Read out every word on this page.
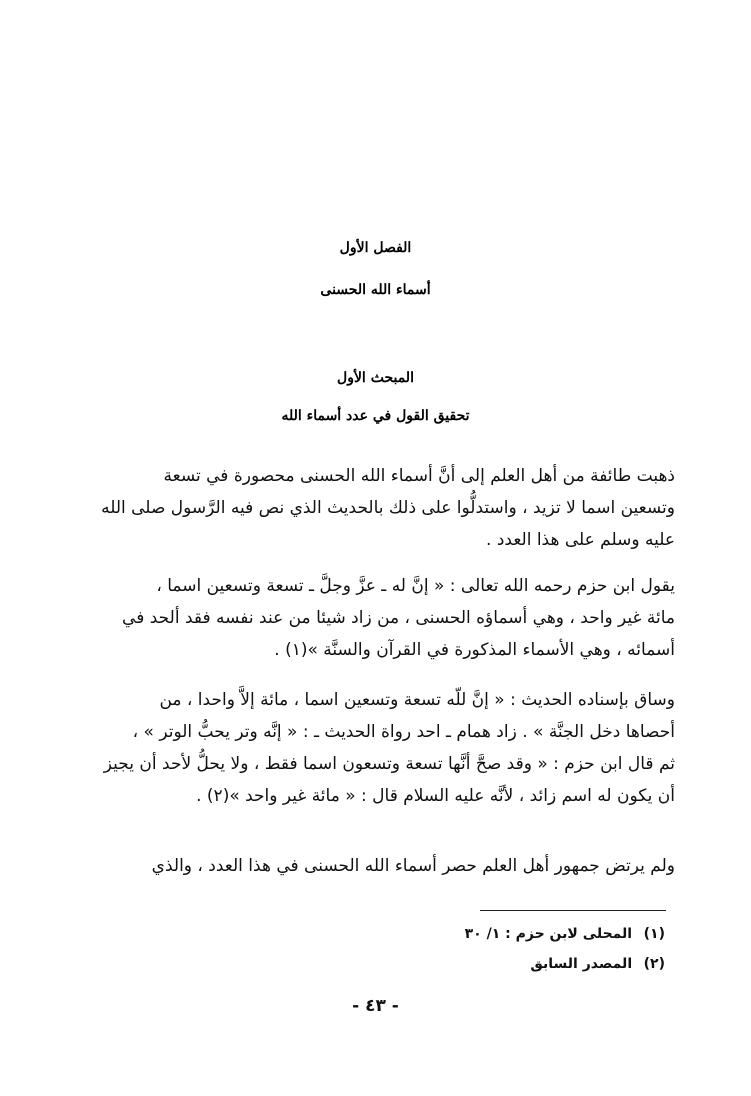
الفصل الأول
أسماء الله الحسنى
المبحث الأول
تحقيق القول في عدد أسماء الله
ذهبت طائفة من أهل العلم إلى أنَّ أسماء الله الحسنى محصورة في تسعة
وتسعين اسما لا تزيد ، واستدلُّوا على ذلك بالحديث الذي نص فيه الرَّسول صلى الله
عليه وسلم على هذا العدد .
يقول ابن حزم رحمه الله تعالى : « إنَّ له ـ عزَّ وجلَّ ـ تسعة وتسعين اسما ،
مائة غير واحد ، وهي أسماؤه الحسنى ، من زاد شيئا من عند نفسه فقد ألحد في
أسمائه ، وهي الأسماء المذكورة في القرآن والسنَّة »(١) .
وساق بإسناده الحديث : « إنَّ للّه تسعة وتسعين اسما ، مائة إلاَّ واحدا ، من
أحصاها دخل الجنَّة » . زاد همام ـ احد رواة الحديث ـ : « إنَّه وتر يحبُّ الوتر » ،
ثم قال ابن حزم : « وقد صحَّ أنَّها تسعة وتسعون اسما فقط ، ولا يحلُّ لأحد أن يجيز
أن يكون له اسم زائد ، لأنَّه عليه السلام قال : « مائة غير واحد »(٢) .
ولم يرتض جمهور أهل العلم حصر أسماء الله الحسنى في هذا العدد ، والذي
(١) المحلى لابن حزم : ١/ ٣٠
(٢) المصدر السابق
- ٤٣ -
